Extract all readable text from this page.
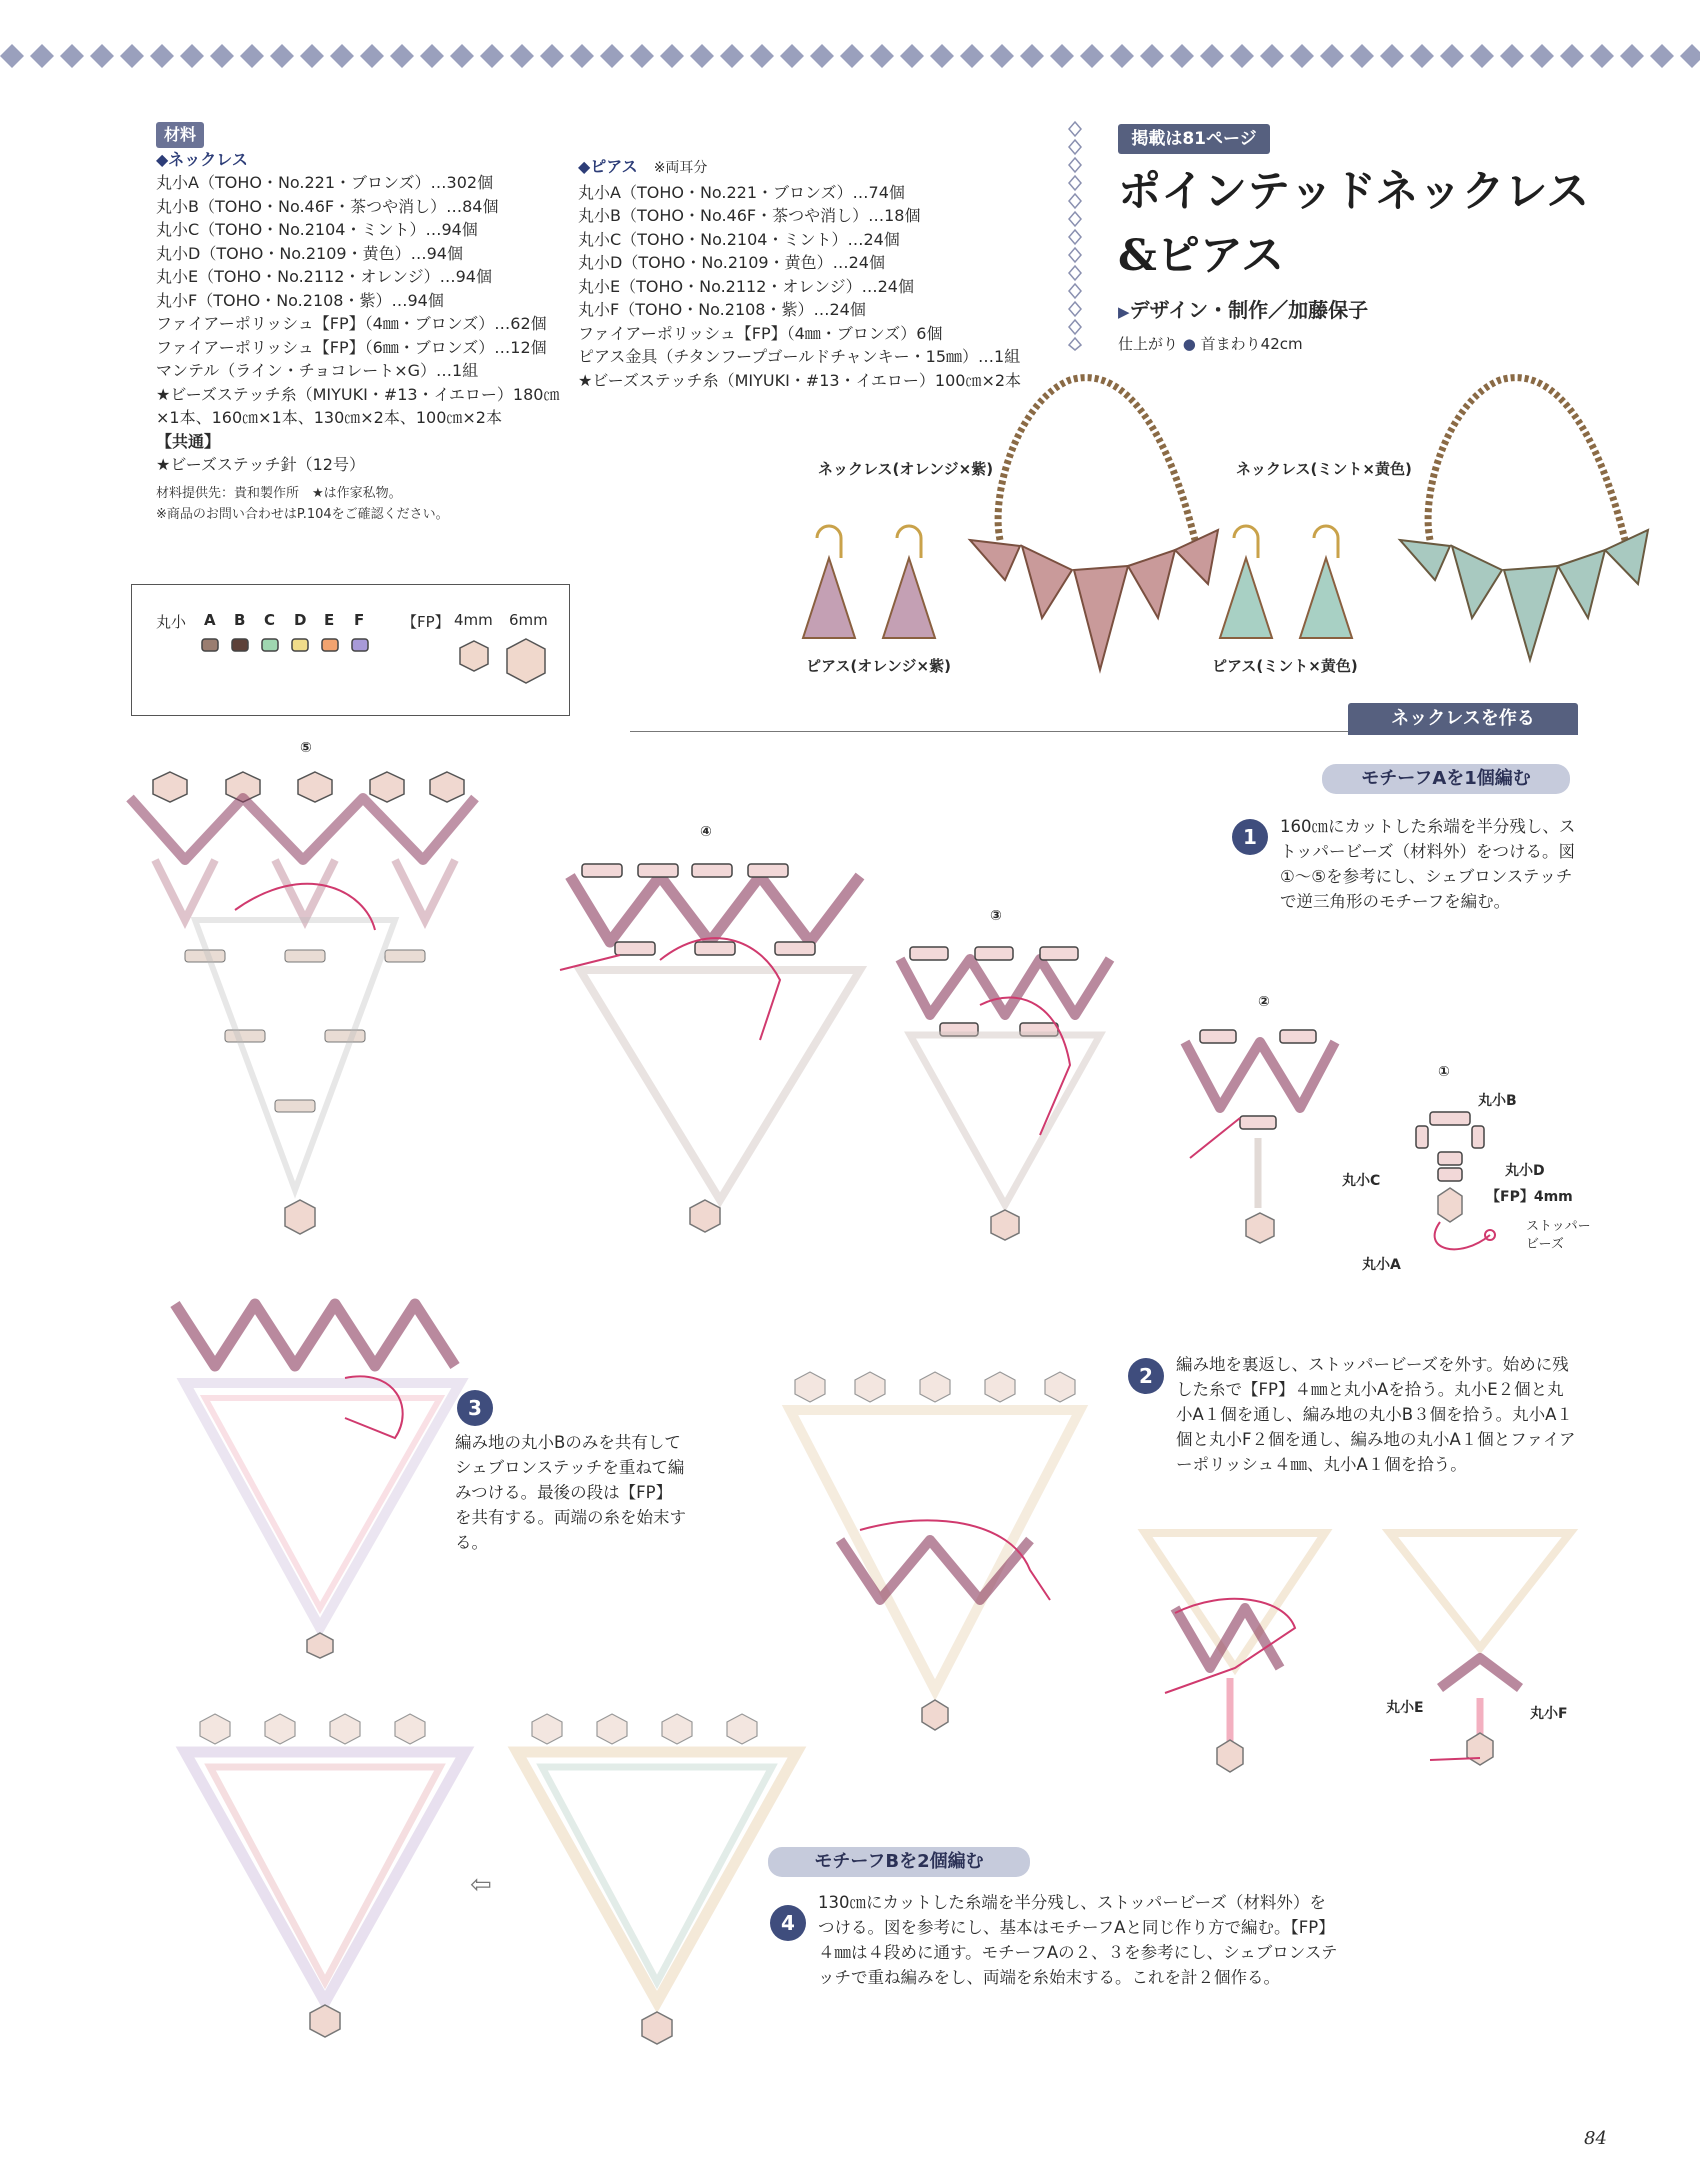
材料
◆ネックレス
丸小A（TOHO・No.221・ブロンズ）…302個
丸小B（TOHO・No.46F・茶つや消し）…84個
丸小C（TOHO・No.2104・ミント）…94個
丸小D（TOHO・No.2109・黄色）…94個
丸小E（TOHO・No.2112・オレンジ）…94個
丸小F（TOHO・No.2108・紫）…94個
ファイアーポリッシュ【FP】（4㎜・ブロンズ）…62個
ファイアーポリッシュ【FP】（6㎜・ブロンズ）…12個
マンテル（ライン・チョコレート×G）…1組
★ビーズステッチ糸（MIYUKI・#13・イエロー）180㎝
×1本、160㎝×1本、130㎝×2本、100㎝×2本
【共通】
★ビーズステッチ針（12号）
材料提供先：貴和製作所　★は作家私物。
※商品のお問い合わせはP.104をご確認ください。
◆ピアス　 ※両耳分
丸小A（TOHO・No.221・ブロンズ）…74個
丸小B（TOHO・No.46F・茶つや消し）…18個
丸小C（TOHO・No.2104・ミント）…24個
丸小D（TOHO・No.2109・黄色）…24個
丸小E（TOHO・No.2112・オレンジ）…24個
丸小F（TOHO・No.2108・紫）…24個
ファイアーポリッシュ【FP】（4㎜・ブロンズ）6個
ピアス金具（チタンフープゴールドチャンキー・15㎜）…1組
★ビーズステッチ糸（MIYUKI・#13・イエロー）100㎝×2本
掲載は81ページ
ポインテッドネックレス
&ピアス
▶デザイン・制作／加藤保子
仕上がり ● 首まわり42cm
ネックレス(オレンジ×紫)	ネックレス(ミント×黄色)
ピアス(オレンジ×紫)	ピアス(ミント×黄色)
丸小 A B C D E F	【FP】 4mm 6mm
ネックレスを作る
モチーフAを1個編む
1	160㎝にカットした糸端を半分残し、ストッパービーズ（材料外）をつける。図①〜⑤を参考にし、シェブロンステッチで逆三角形のモチーフを編む。
⑤
④
③
②
①
丸小B
丸小C
丸小D
【FP】4mm
ストッパー
ビーズ
丸小A
3
編み地の丸小Bのみを共有してシェブロンステッチを重ねて編みつける。最後の段は【FP】を共有する。両端の糸を始末する。
2	編み地を裏返し、ストッパービーズを外す。始めに残した糸で【FP】４㎜と丸小Aを拾う。丸小E２個と丸小A１個を通し、編み地の丸小B３個を拾う。丸小A１個と丸小F２個を通し、編み地の丸小A１個とファイアーポリッシュ４㎜、丸小A１個を拾う。
丸小E	丸小F
モチーフBを2個編む
⇦
4
130㎝にカットした糸端を半分残し、ストッパービーズ（材料外）をつける。図を参考にし、基本はモチーフAと同じ作り方で編む。【FP】４㎜は４段めに通す。モチーフAの２、３を参考にし、シェブロンステッチで重ね編みをし、両端を糸始末する。これを計２個作る。
84
